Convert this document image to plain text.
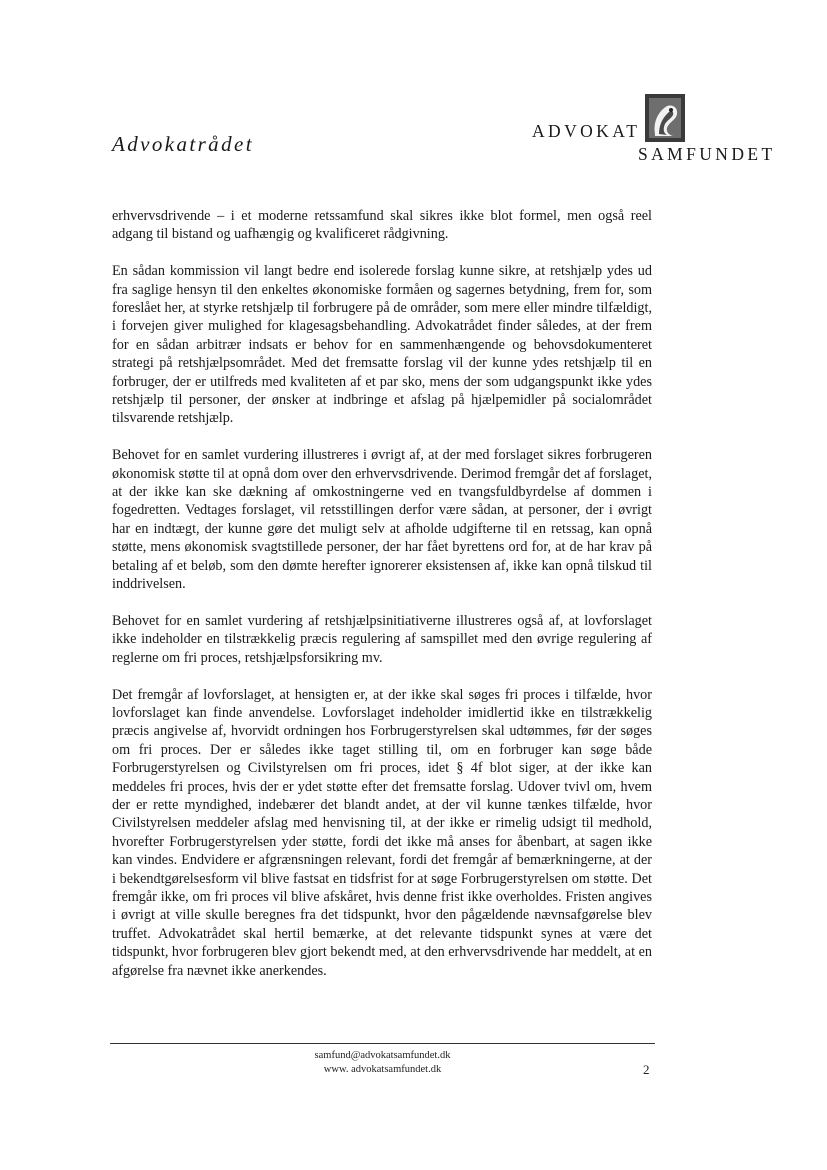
Advokatrådet
ADVOKAT
SAMFUNDET

erhvervsdrivende – i et moderne retssamfund skal sikres ikke blot formel, men også reel adgang til bistand og uafhængig og kvalificeret rådgivning.

En sådan kommission vil langt bedre end isolerede forslag kunne sikre, at retshjælp ydes ud fra saglige hensyn til den enkeltes økonomiske formåen og sagernes betydning, frem for, som foreslået her, at styrke retshjælp til forbrugere på de områder, som mere eller mindre tilfældigt, i forvejen giver mulighed for klagesagsbehandling. Advokatrådet finder således, at der frem for en sådan arbitrær indsats er behov for en sammenhængende og behovsdokumenteret strategi på retshjælpsområdet. Med det fremsatte forslag vil der kunne ydes retshjælp til en forbruger, der er utilfreds med kvaliteten af et par sko, mens der som udgangspunkt ikke ydes retshjælp til personer, der ønsker at indbringe et afslag på hjælpemidler på socialområdet tilsvarende retshjælp.

Behovet for en samlet vurdering illustreres i øvrigt af, at der med forslaget sikres forbrugeren økonomisk støtte til at opnå dom over den erhvervsdrivende. Derimod fremgår det af forslaget, at der ikke kan ske dækning af omkostningerne ved en tvangsfuldbyrdelse af dommen i fogedretten. Vedtages forslaget, vil retsstillingen derfor være sådan, at personer, der i øvrigt har en indtægt, der kunne gøre det muligt selv at afholde udgifterne til en retssag, kan opnå støtte, mens økonomisk svagtstillede personer, der har fået byrettens ord for, at de har krav på betaling af et beløb, som den dømte herefter ignorerer eksistensen af, ikke kan opnå tilskud til inddrivelsen.

Behovet for en samlet vurdering af retshjælpsinitiativerne illustreres også af, at lovforslaget ikke indeholder en tilstrækkelig præcis regulering af samspillet med den øvrige regulering af reglerne om fri proces, retshjælpsforsikring mv.

Det fremgår af lovforslaget, at hensigten er, at der ikke skal søges fri proces i tilfælde, hvor lovforslaget kan finde anvendelse. Lovforslaget indeholder imidlertid ikke en tilstrækkelig præcis angivelse af, hvorvidt ordningen hos Forbrugerstyrelsen skal udtømmes, før der søges om fri proces. Der er således ikke taget stilling til, om en forbruger kan søge både Forbrugerstyrelsen og Civilstyrelsen om fri proces, idet § 4f blot siger, at der ikke kan meddeles fri proces, hvis der er ydet støtte efter det fremsatte forslag. Udover tvivl om, hvem der er rette myndighed, indebærer det blandt andet, at der vil kunne tænkes tilfælde, hvor Civilstyrelsen meddeler afslag med henvisning til, at der ikke er rimelig udsigt til medhold, hvorefter Forbrugerstyrelsen yder støtte, fordi det ikke må anses for åbenbart, at sagen ikke kan vindes. Endvidere er afgrænsningen relevant, fordi det fremgår af bemærkningerne, at der i bekendtgørelsesform vil blive fastsat en tidsfrist for at søge Forbrugerstyrelsen om støtte. Det fremgår ikke, om fri proces vil blive afskåret, hvis denne frist ikke overholdes. Fristen angives i øvrigt at ville skulle beregnes fra det tidspunkt, hvor den pågældende nævnsafgørelse blev truffet. Advokatrådet skal hertil bemærke, at det relevante tidspunkt synes at være det tidspunkt, hvor forbrugeren blev gjort bekendt med, at den erhvervsdrivende har meddelt, at en afgørelse fra nævnet ikke anerkendes.

samfund@advokatsamfundet.dk
www. advokatsamfundet.dk	2
